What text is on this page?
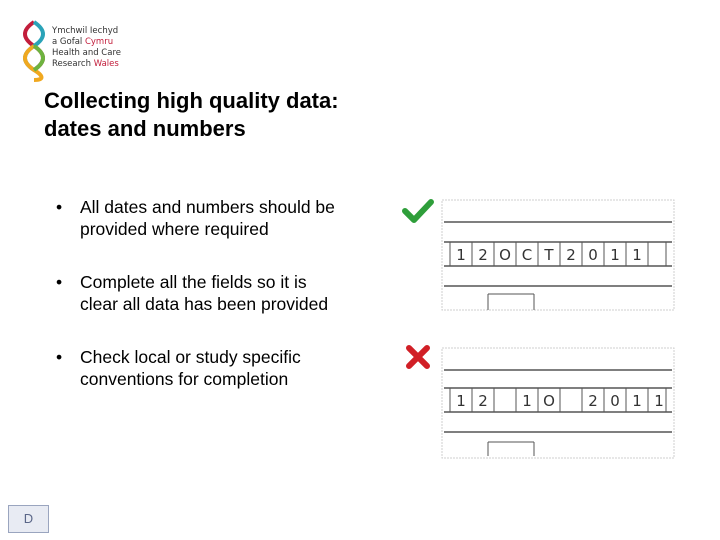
Ymchwil Iechyd
a Gofal Cymru
Health and Care
Research Wales
Collecting high quality data:
dates and numbers
• All dates and numbers should be
provided where required
• Complete all the fields so it is
clear all data has been provided
• Check local or study specific
conventions for completion
1 2 O C T 2 0 1 1
1 2 1 O 2 0 1 1
D
